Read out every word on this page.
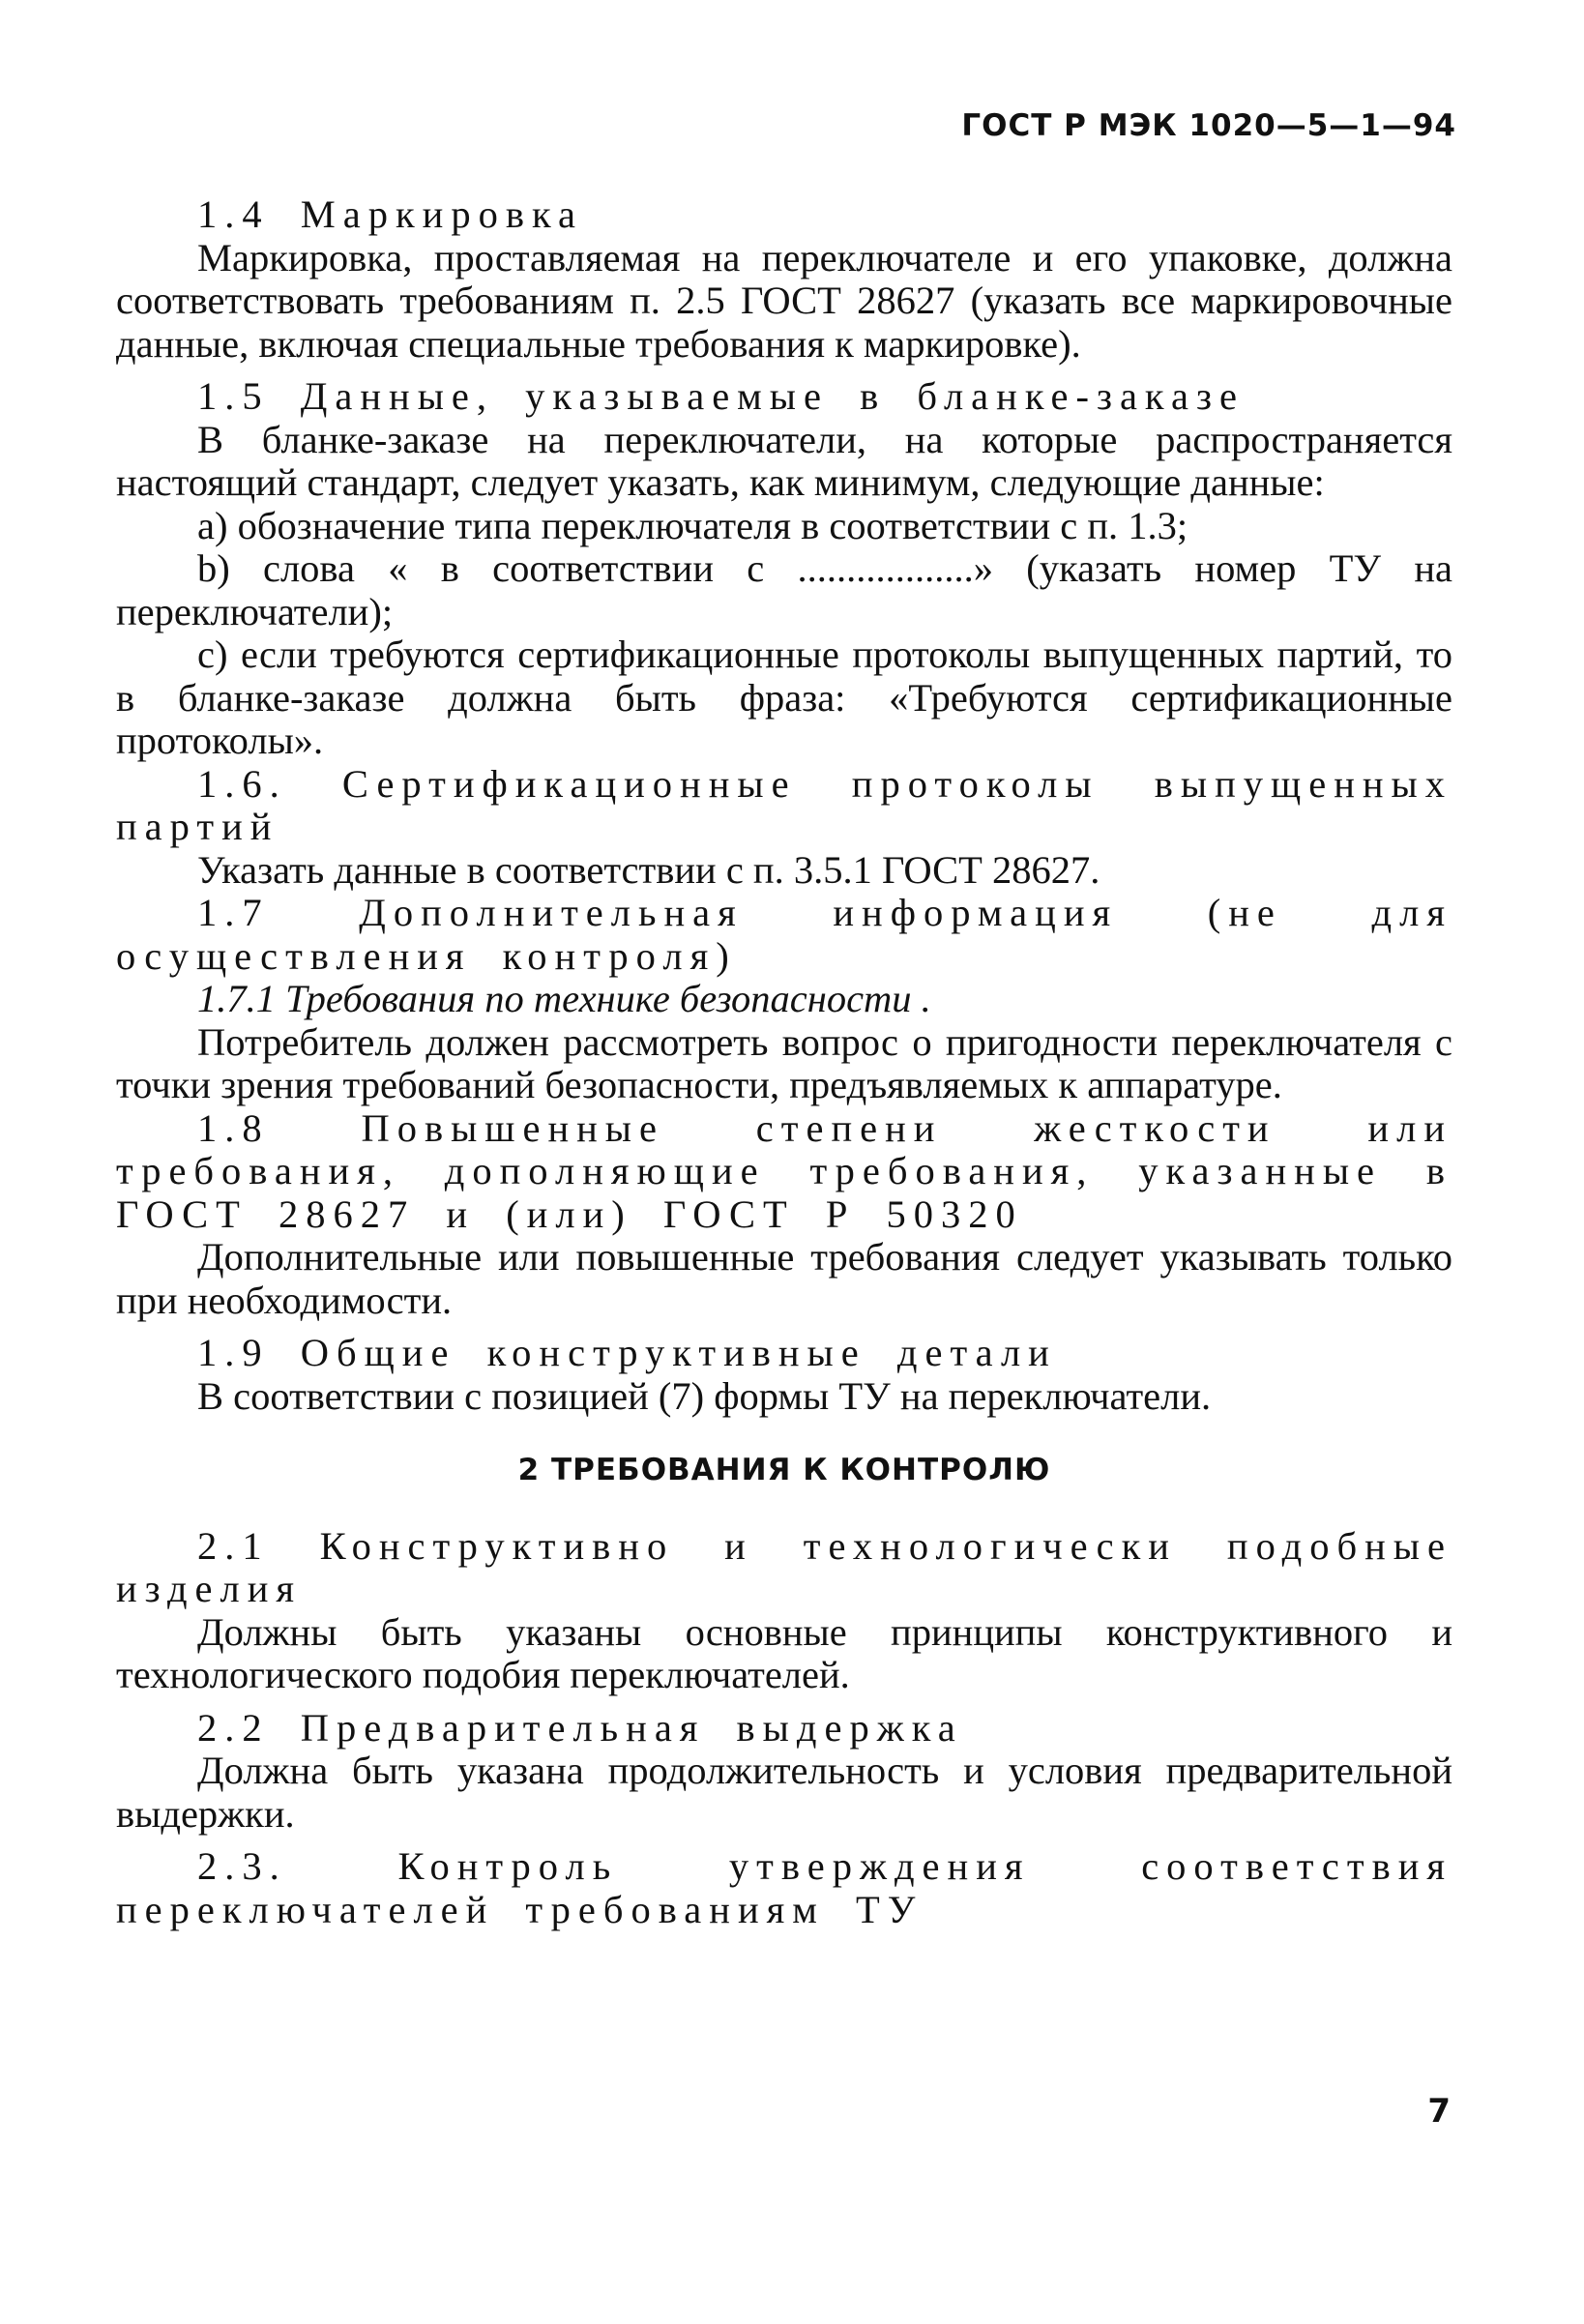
ГОСТ Р МЭК 1020—5—1—94

1.4 Маркировка

Маркировка, проставляемая на переключателе и его упаковке, должна соответствовать требованиям п. 2.5 ГОСТ 28627 (указать все маркировочные данные, включая специальные требования к маркировке).

1.5 Данные, указываемые в бланке-заказе

В бланке-заказе на переключатели, на которые распространяется настоящий стандарт, следует указать, как минимум, следующие данные:

а) обозначение типа переключателя в соответствии с п. 1.3;

b) слова « в соответствии с ..................» (указать номер ТУ на переключатели);

c) если требуются сертификационные протоколы выпущенных партий, то в бланке-заказе должна быть фраза: «Требуются сертификационные протоколы».

1.6. Сертификационные протоколы выпущенных партий

Указать данные в соответствии с п. 3.5.1 ГОСТ 28627.

1.7 Дополнительная информация (не для осуществления контроля)

1.7.1 Требования по технике безопасности .

Потребитель должен рассмотреть вопрос о пригодности переключателя с точки зрения требований безопасности, предъявляемых к аппаратуре.

1.8 Повышенные степени жесткости или требования, дополняющие требования, указанные в ГОСТ 28627 и (или) ГОСТ Р 50320

Дополнительные или повышенные требования следует указывать только при необходимости.

1.9 Общие конструктивные детали

В соответствии с позицией (7) формы ТУ на переключатели.

2 ТРЕБОВАНИЯ К КОНТРОЛЮ

2.1 Конструктивно и технологически подобные изделия

Должны быть указаны основные принципы конструктивного и технологического подобия переключателей.

2.2 Предварительная выдержка

Должна быть указана продолжительность и условия предварительной выдержки.

2.3. Контроль утверждения соответствия переключателей требованиям ТУ

7
